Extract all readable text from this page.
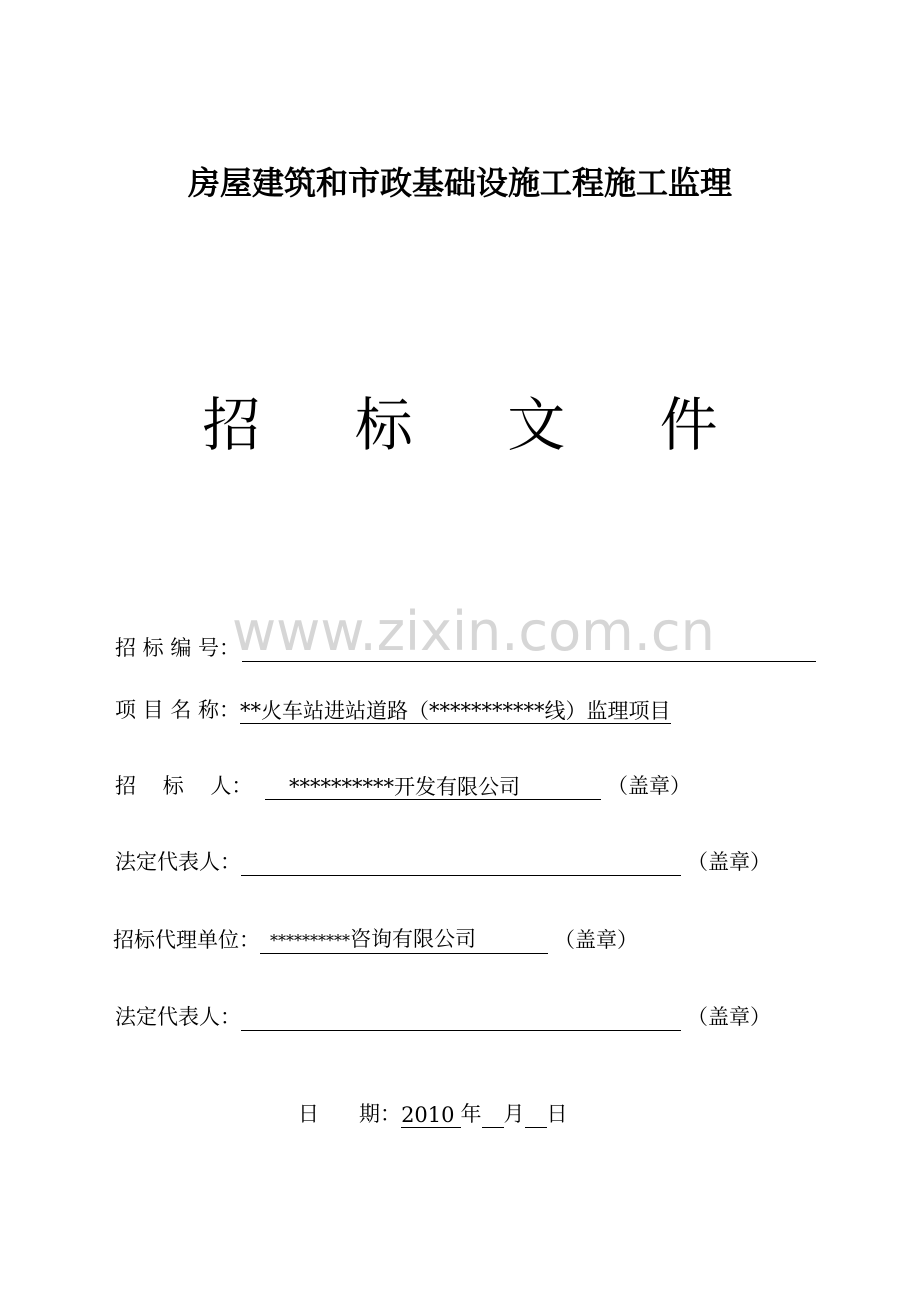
房屋建筑和市政基础设施工程施工监理
招 标 文 件
www.zixin.com.cn
招 标 编 号：
项 目 名 称： **火车站进站道路（***********线）监理项目
招    标    人：	**********开发有限公司	（盖章）
法定代表人：	（盖章）
招标代理单位： **********咨询有限公司	（盖章）
法定代表人：	（盖章）
日      期： 2010 年 月 日
